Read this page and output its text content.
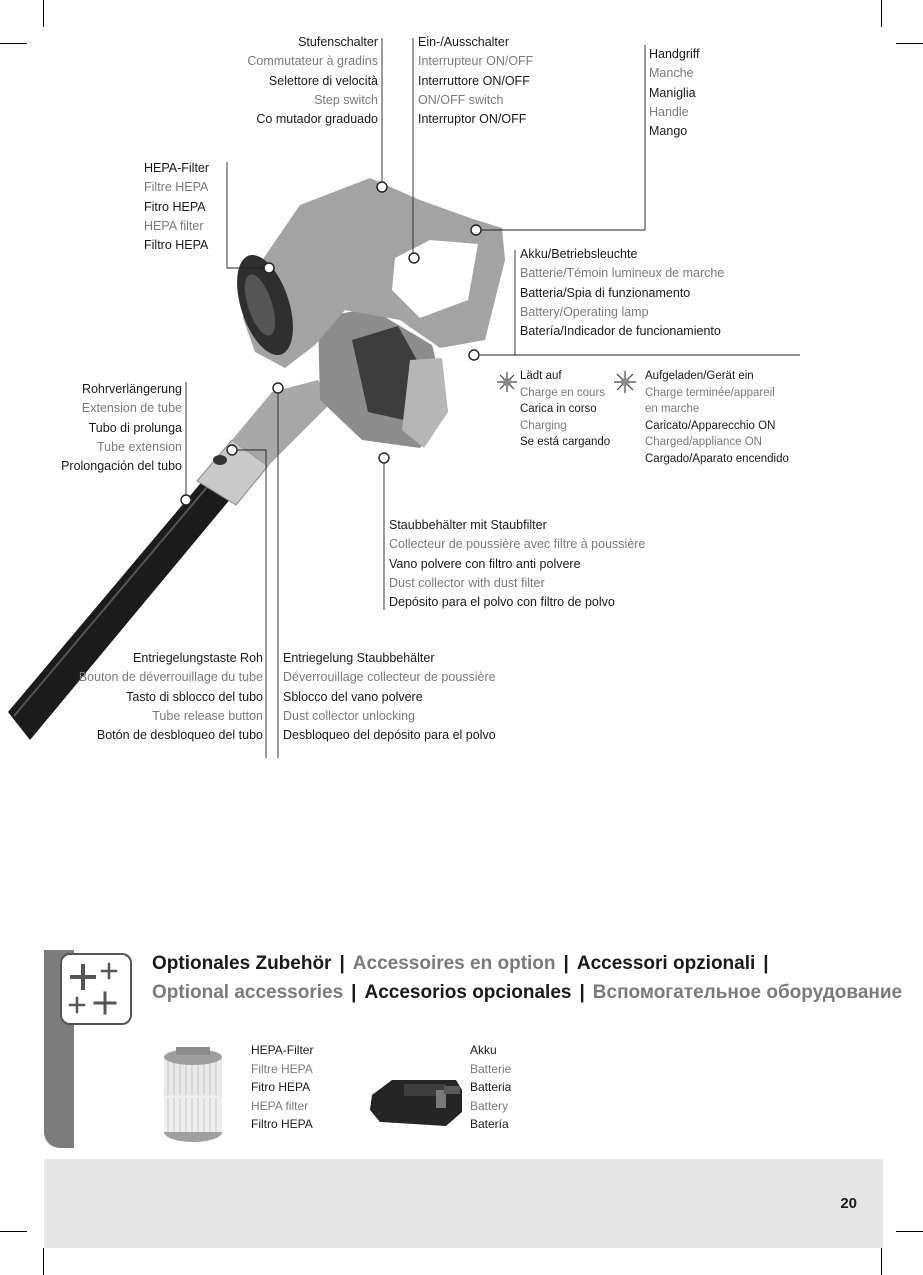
Stufenschalter
Commutateur à gradins
Selettore di velocità
Step switch
Co mutador graduado
Ein-/Ausschalter
Interrupteur ON/OFF
Interruttore ON/OFF
ON/OFF switch
Interruptor ON/OFF
Handgriff
Manche
Maniglia
Handle
Mango
HEPA-Filter
Filtre HEPA
Fitro HEPA
HEPA filter
Filtro HEPA
Akku/Betriebsleuchte
Batterie/Témoin lumineux de marche
Batteria/Spia di funzionamento
Battery/Operating lamp
Batería/Indicador de funcionamiento
Lädt auf
Charge en cours
Carica in corso
Charging
Se está cargando
Aufgeladen/Gerät ein
Charge terminée/appareil
en marche
Caricato/Apparecchio ON
Charged/appliance ON
Cargado/Aparato encendido
Rohrverlängerung
Extension de tube
Tubo di prolunga
Tube extension
Prolongación del tubo
Staubbehälter mit Staubfilter
Collecteur de poussière avec filtre à poussière
Vano polvere con filtro anti polvere
Dust collector with dust filter
Depósito para el polvo con filtro de polvo
Entriegelungstaste Roh
Bouton de déverrouillage du tube
Tasto di sblocco del tubo
Tube release button
Botón de desbloqueo del tubo
Entriegelung Staubbehälter
Déverrouillage collecteur de poussière
Sblocco del vano polvere
Dust collector unlocking
Desbloqueo del depósito para el polvo
Optionales Zubehör | Accessoires en option | Accessori opzionali |
Optional accessories | Accesorios opcionales | Вспомогательное оборудование
HEPA-Filter
Filtre HEPA
Fitro HEPA
HEPA filter
Filtro HEPA
Akku
Batterie
Batteria
Battery
Batería
20
